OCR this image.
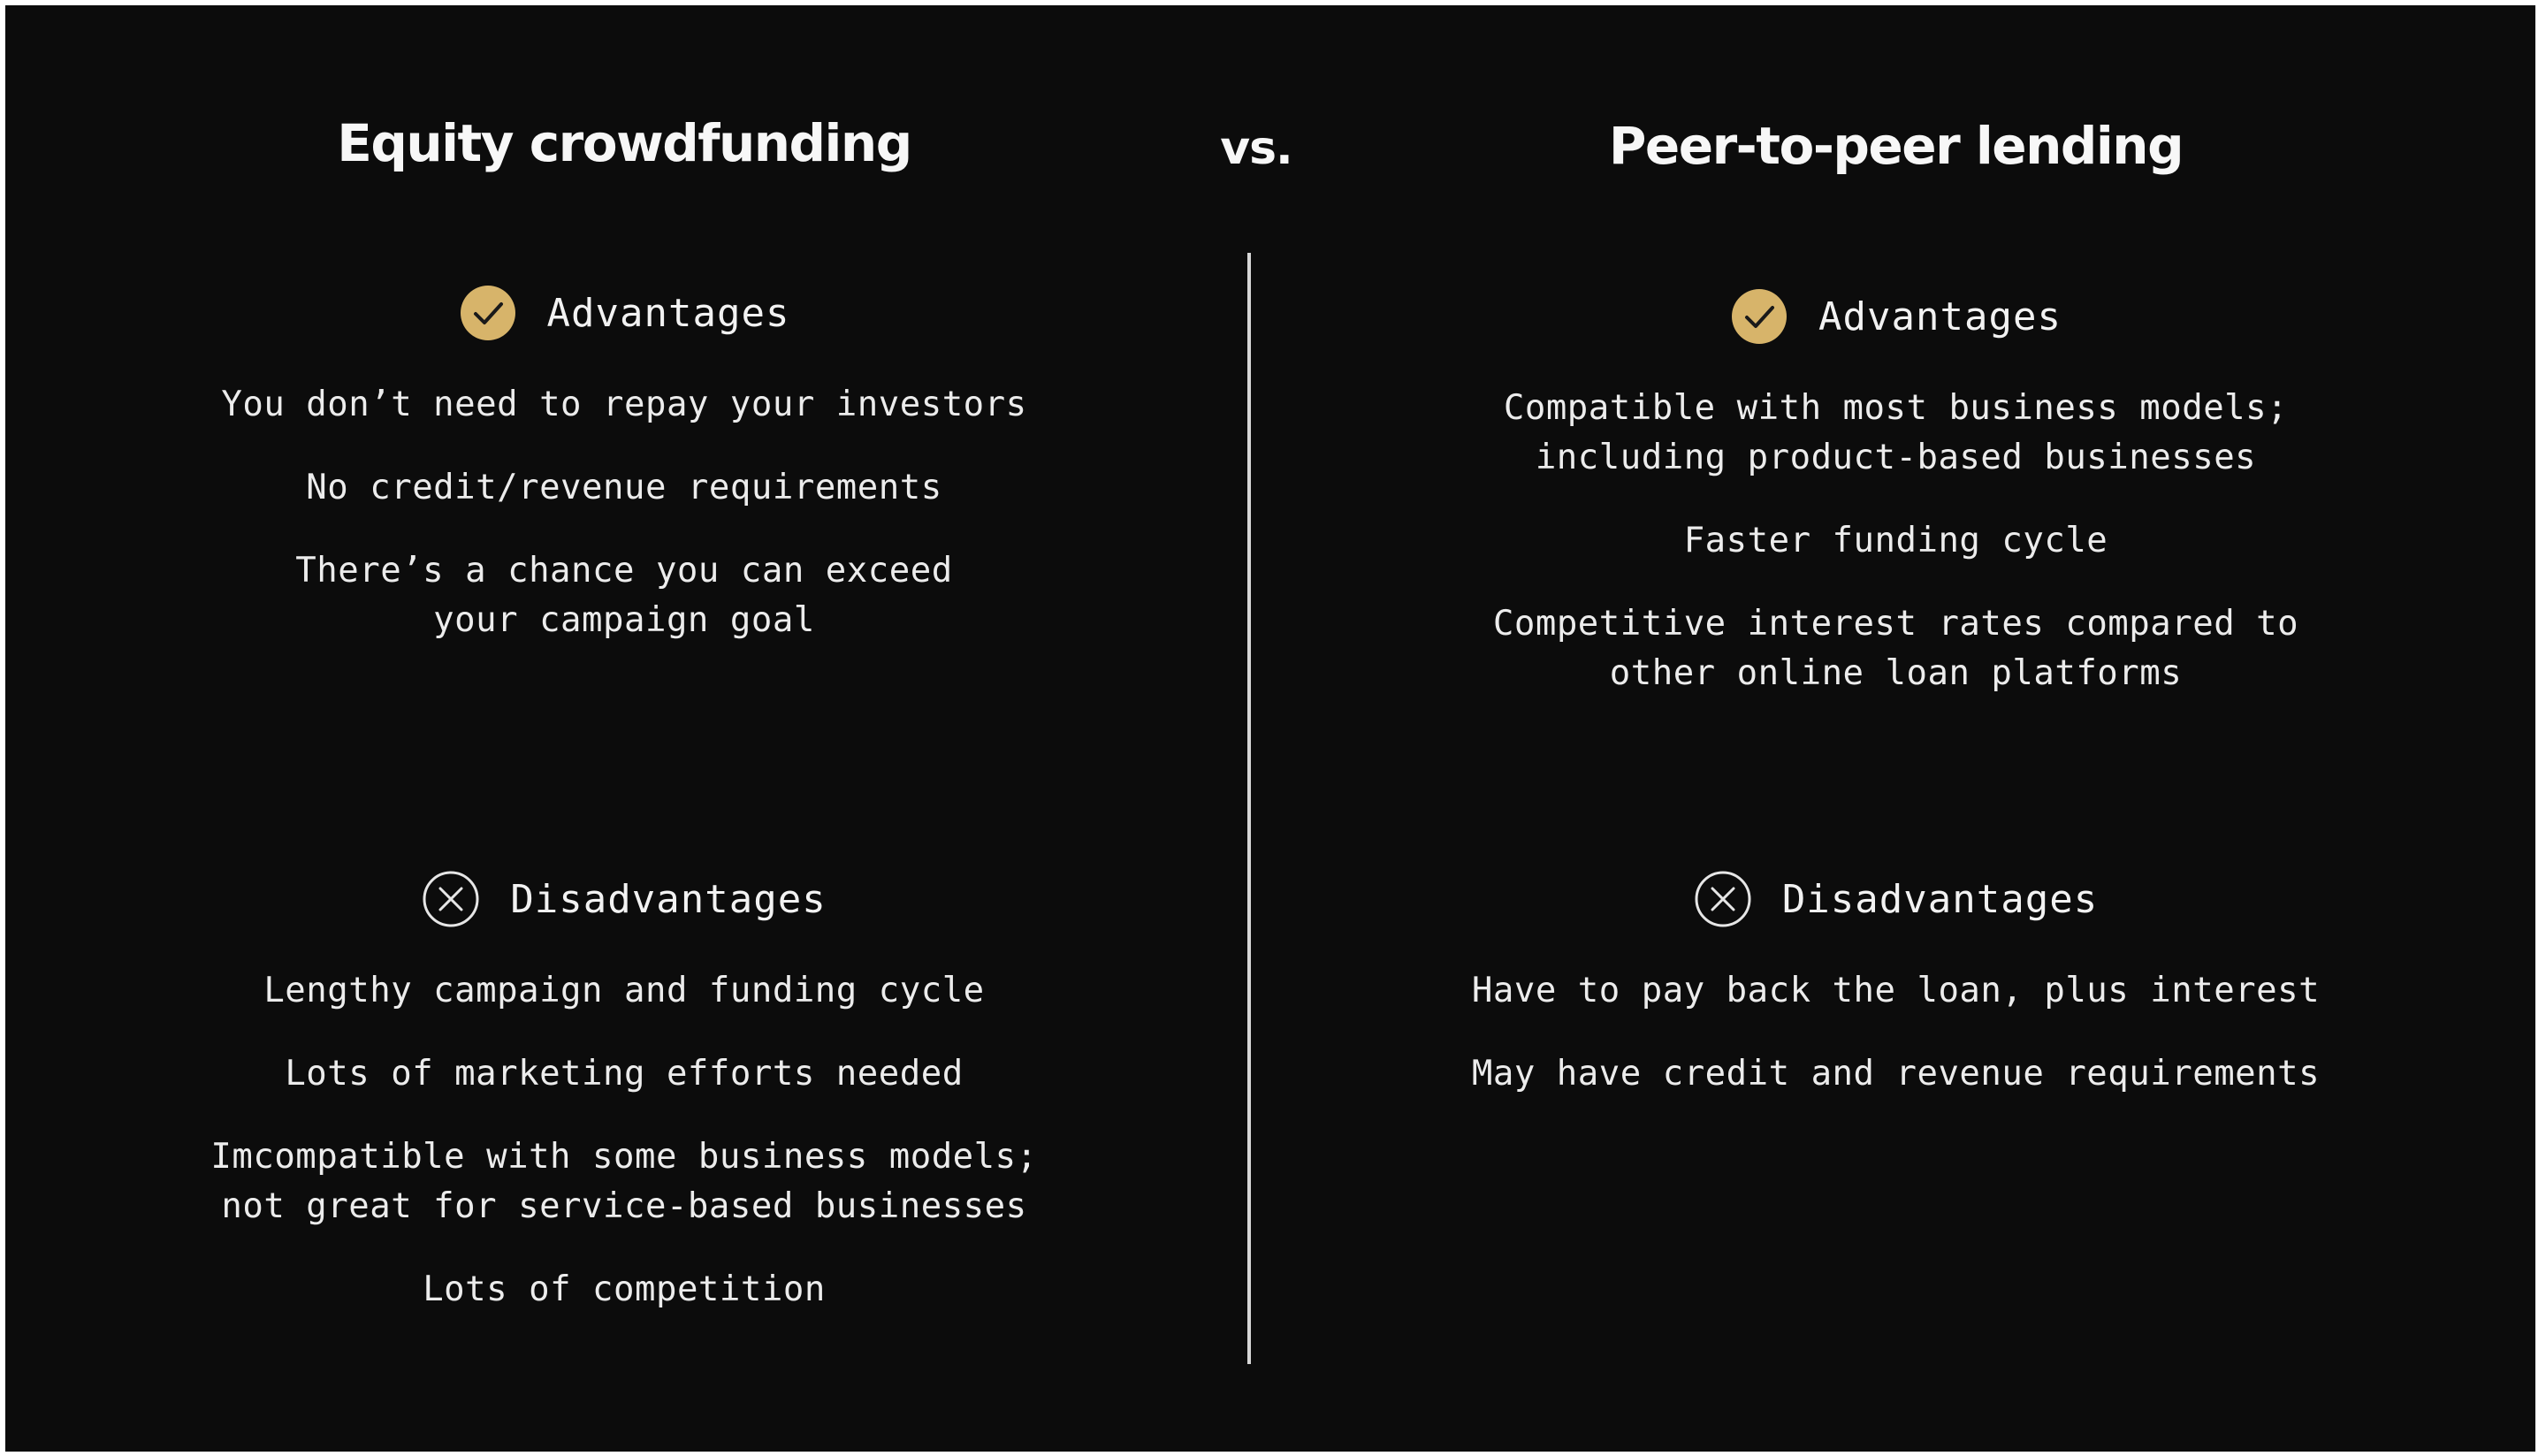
Equity crowdfunding
Advantages
You don’t need to repay your investors
No credit/revenue requirements
There’s a chance you can exceed
your campaign goal
Disadvantages
Lengthy campaign and funding cycle
Lots of marketing efforts needed
Imcompatible with some business models;
not great for service-based businesses
Lots of competition
vs.	Peer-to-peer lending
Advantages
Compatible with most business models;
including product-based businesses
Faster funding cycle
Competitive interest rates compared to
other online loan platforms
Disadvantages
Have to pay back the loan, plus interest
May have credit and revenue requirements
